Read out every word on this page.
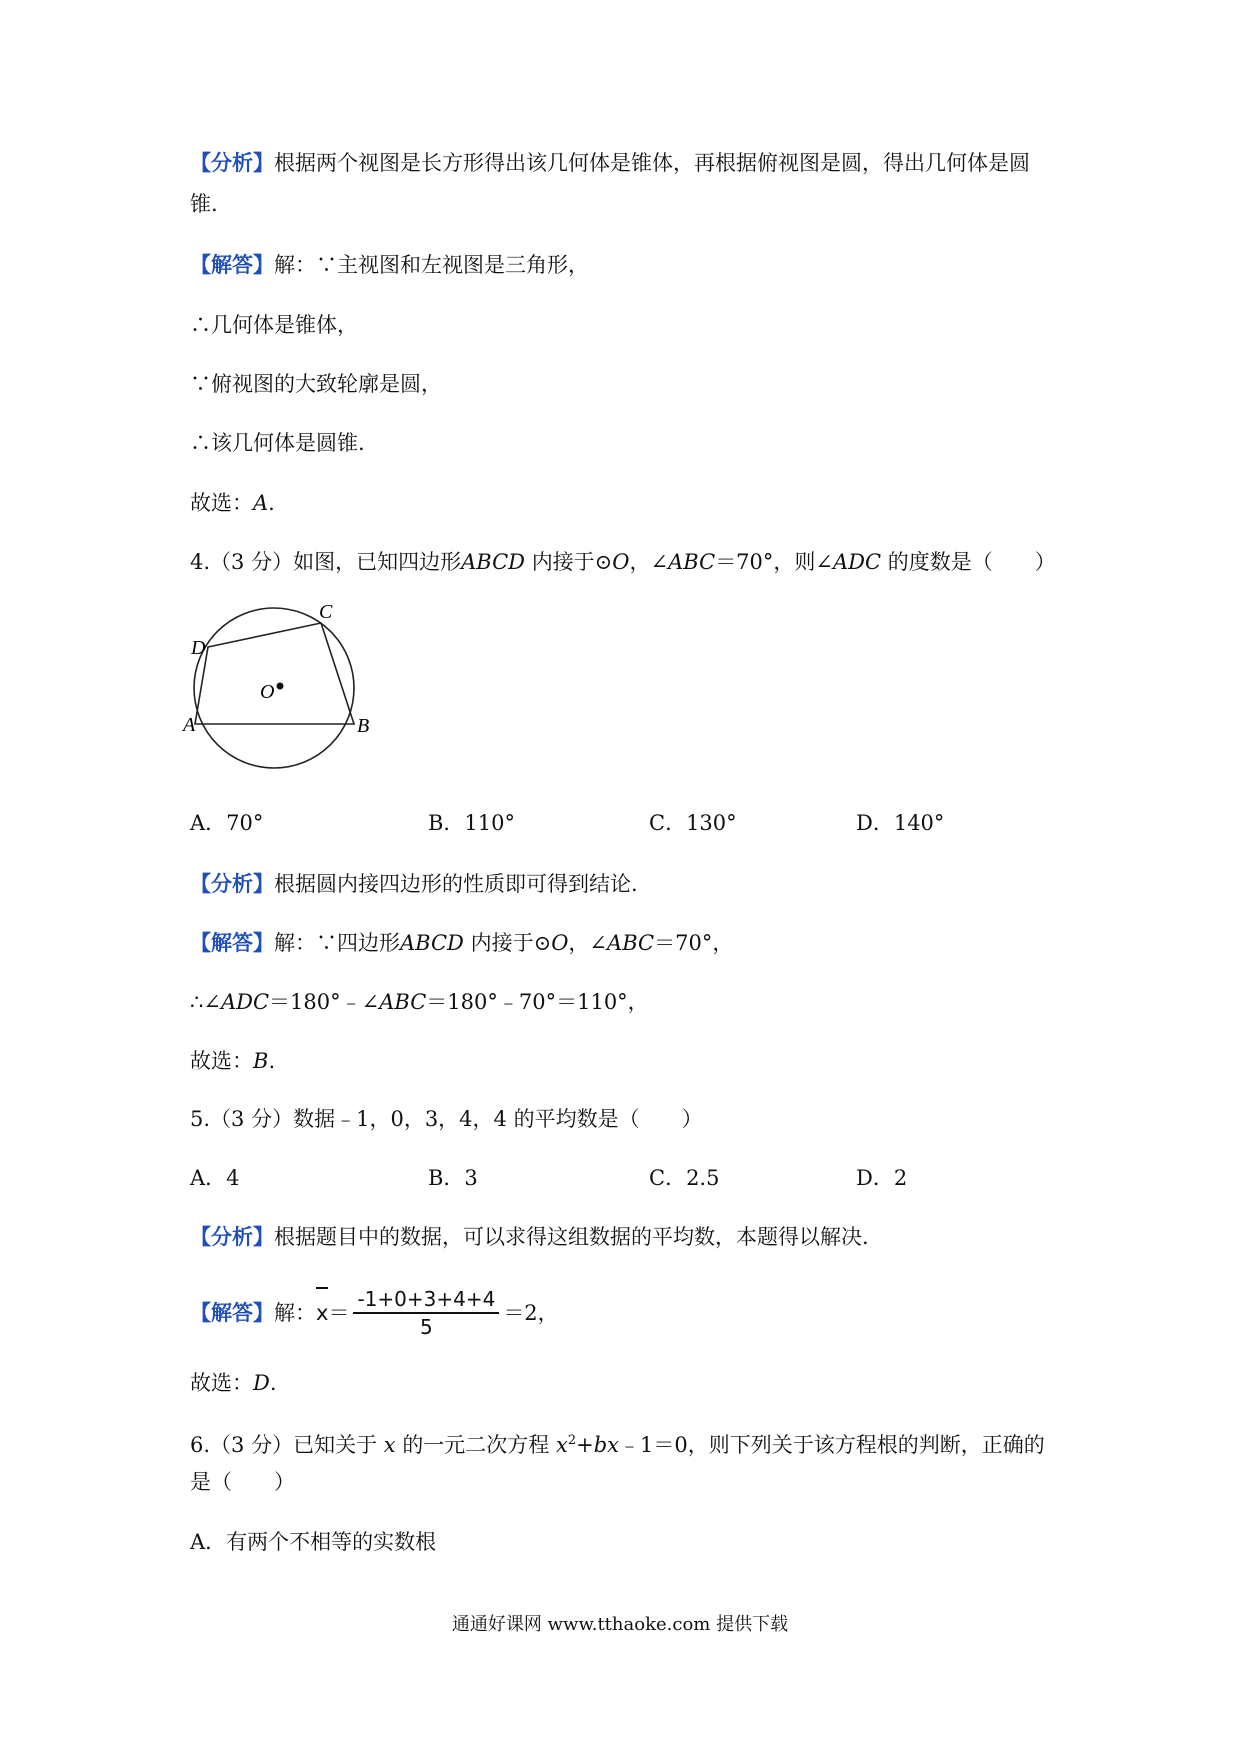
【分析】根据两个视图是长方形得出该几何体是锥体，再根据俯视图是圆，得出几何体是圆
锥.
【解答】解：∵主视图和左视图是三角形，
∴几何体是锥体，
∵俯视图的大致轮廓是圆，
∴该几何体是圆锥.
故选：A.
4.（3 分）如图，已知四边形ABCD 内接于⊙O，∠ABC＝70°，则∠ADC 的度数是（　　）
O
A	B
C
D
A．70°	B．110°	C．130°	D．140°
【分析】根据圆内接四边形的性质即可得到结论.
【解答】解：∵四边形ABCD 内接于⊙O，∠ABC＝70°，
∴∠ADC＝180°﹣∠ABC＝180°﹣70°＝110°，
故选：B.
5.（3 分）数据﹣1，0，3，4，4 的平均数是（　　）
A．4	B．3	C．2.5	D．2
【分析】根据题目中的数据，可以求得这组数据的平均数，本题得以解决.
【解答】解：$x= \frac{-1+0+3+4+4}{5} =2$，
故选：D.
6.（3 分）已知关于 x 的一元二次方程 $x^2+bx﹣1=0$，则下列关于该方程根的判断，正确的
是（　　）
A．有两个不相等的实数根
通通好课网 www.tthaoke.com 提供下载
